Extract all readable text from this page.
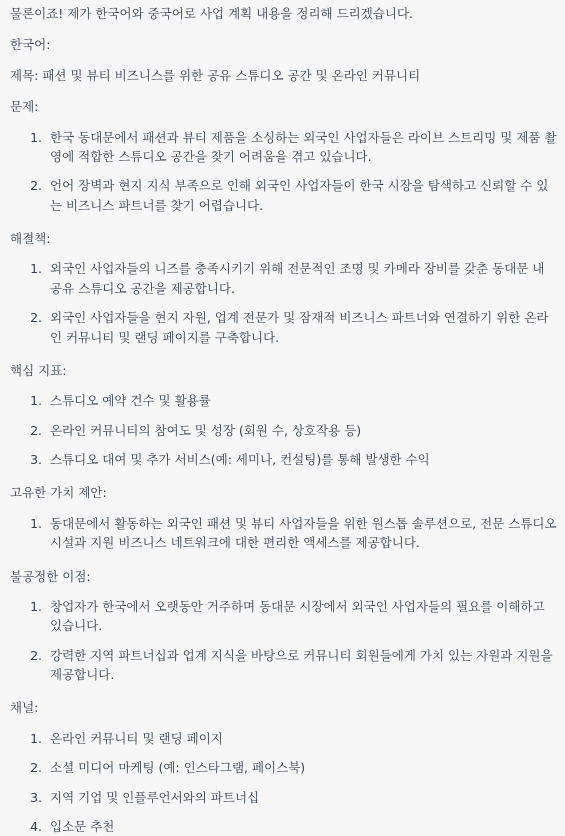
물론이죠! 제가 한국어와 중국어로 사업 계획 내용을 정리해 드리겠습니다.

한국어:

제목: 패션 및 뷰티 비즈니스를 위한 공유 스튜디오 공간 및 온라인 커뮤니티

문제:

1. 한국 동대문에서 패션과 뷰티 제품을 소싱하는 외국인 사업자들은 라이브 스트리밍 및 제품 촬영에 적합한 스튜디오 공간을 찾기 어려움을 겪고 있습니다.
2. 언어 장벽과 현지 지식 부족으로 인해 외국인 사업자들이 한국 시장을 탐색하고 신뢰할 수 있는 비즈니스 파트너를 찾기 어렵습니다.

해결책:

1. 외국인 사업자들의 니즈를 충족시키기 위해 전문적인 조명 및 카메라 장비를 갖춘 동대문 내 공유 스튜디오 공간을 제공합니다.
2. 외국인 사업자들을 현지 자원, 업계 전문가 및 잠재적 비즈니스 파트너와 연결하기 위한 온라인 커뮤니티 및 랜딩 페이지를 구축합니다.

핵심 지표:

1. 스튜디오 예약 건수 및 활용률
2. 온라인 커뮤니티의 참여도 및 성장 (회원 수, 상호작용 등)
3. 스튜디오 대여 및 추가 서비스(예: 세미나, 컨설팅)를 통해 발생한 수익

고유한 가치 제안:

1. 동대문에서 활동하는 외국인 패션 및 뷰티 사업자들을 위한 원스톱 솔루션으로, 전문 스튜디오 시설과 지원 비즈니스 네트워크에 대한 편리한 액세스를 제공합니다.

불공정한 이점:

1. 창업자가 한국에서 오랫동안 거주하며 동대문 시장에서 외국인 사업자들의 필요를 이해하고 있습니다.
2. 강력한 지역 파트너십과 업계 지식을 바탕으로 커뮤니티 회원들에게 가치 있는 자원과 지원을 제공합니다.

채널:

1. 온라인 커뮤니티 및 랜딩 페이지
2. 소셜 미디어 마케팅 (예: 인스타그램, 페이스북)
3. 지역 기업 및 인플루언서와의 파트너십
4. 입소문 추천
